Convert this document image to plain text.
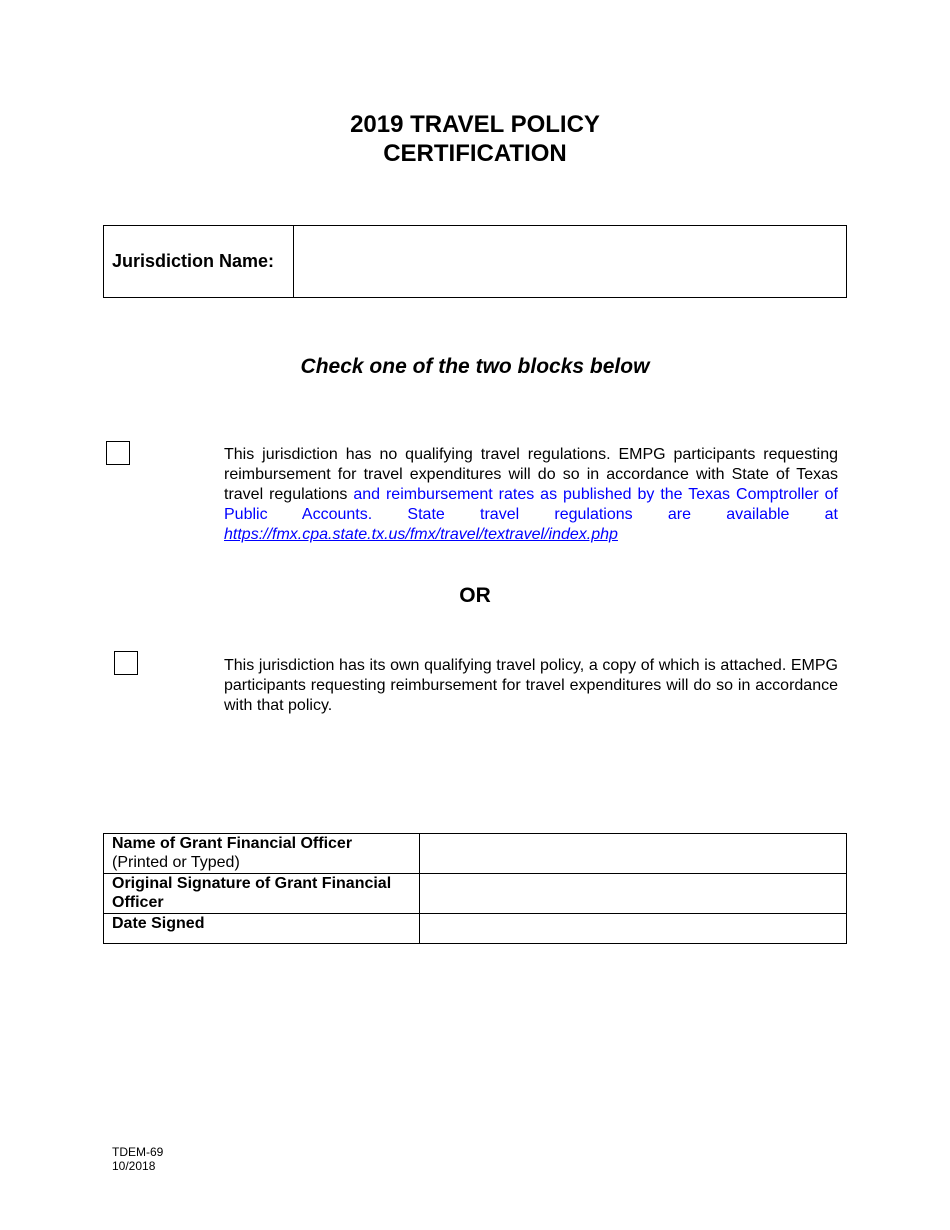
2019 TRAVEL POLICY
CERTIFICATION
Jurisdiction Name:
Check one of the two blocks below
This jurisdiction has no qualifying travel regulations. EMPG participants requesting reimbursement for travel expenditures will do so in accordance with State of Texas travel regulations and reimbursement rates as published by the Texas Comptroller of Public Accounts. State travel regulations are available at https://fmx.cpa.state.tx.us/fmx/travel/textravel/index.php
OR
This jurisdiction has its own qualifying travel policy, a copy of which is attached. EMPG participants requesting reimbursement for travel expenditures will do so in accordance with that policy.
Name of Grant Financial Officer
(Printed or Typed)	

Original Signature of Grant Financial Officer	
Date Signed	
TDEM-69
10/2018
